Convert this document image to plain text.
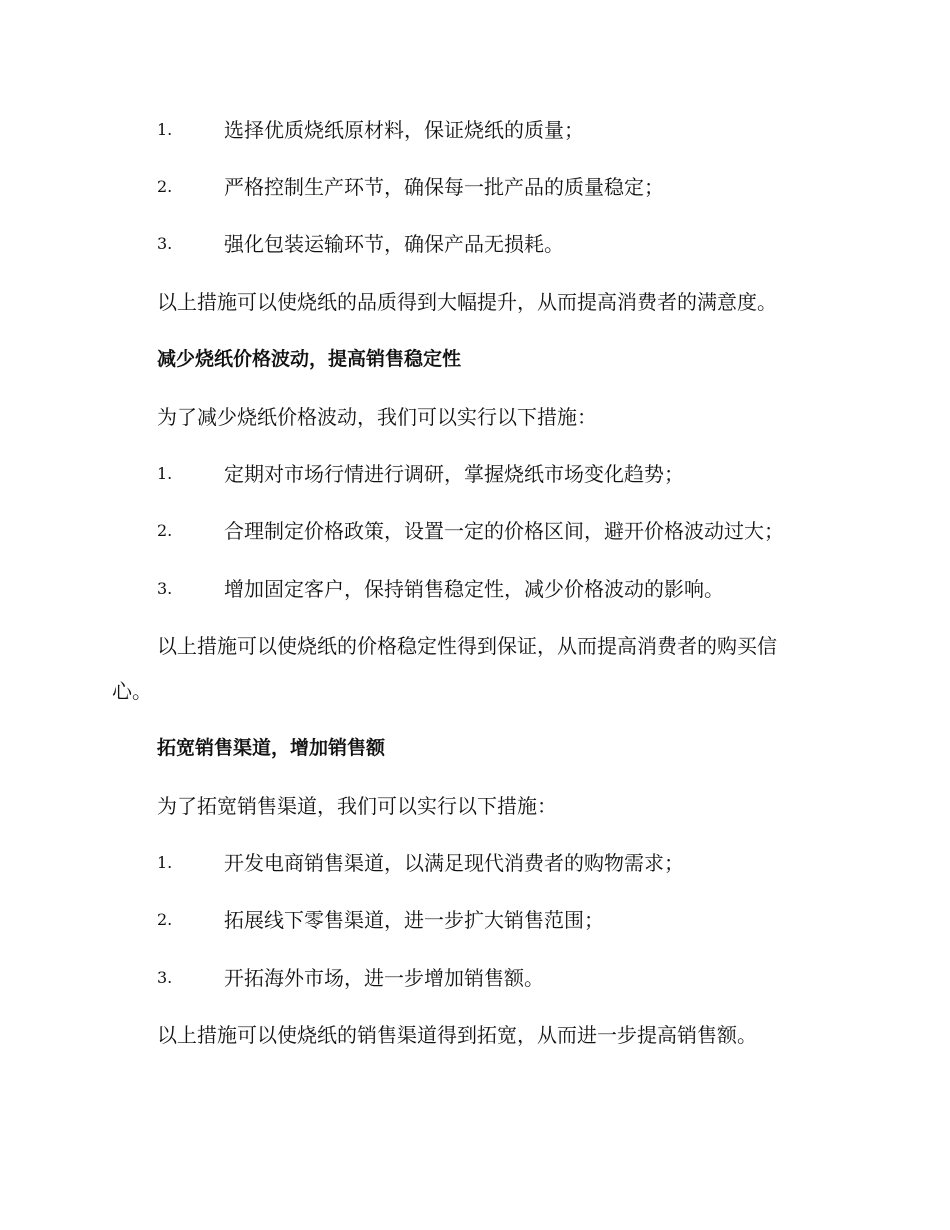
1.	选择优质烧纸原材料，保证烧纸的质量；
2.	严格控制生产环节，确保每一批产品的质量稳定；
3.	强化包装运输环节，确保产品无损耗。
以上措施可以使烧纸的品质得到大幅提升，从而提高消费者的满意度。
减少烧纸价格波动，提高销售稳定性
为了减少烧纸价格波动，我们可以实行以下措施：
1.	定期对市场行情进行调研，掌握烧纸市场变化趋势；
2.	合理制定价格政策，设置一定的价格区间，避开价格波动过大；
3.	增加固定客户，保持销售稳定性，减少价格波动的影响。
以上措施可以使烧纸的价格稳定性得到保证，从而提高消费者的购买信
心。
拓宽销售渠道，增加销售额
为了拓宽销售渠道，我们可以实行以下措施：
1.	开发电商销售渠道，以满足现代消费者的购物需求；
2.	拓展线下零售渠道，进一步扩大销售范围；
3.	开拓海外市场，进一步增加销售额。
以上措施可以使烧纸的销售渠道得到拓宽，从而进一步提高销售额。
